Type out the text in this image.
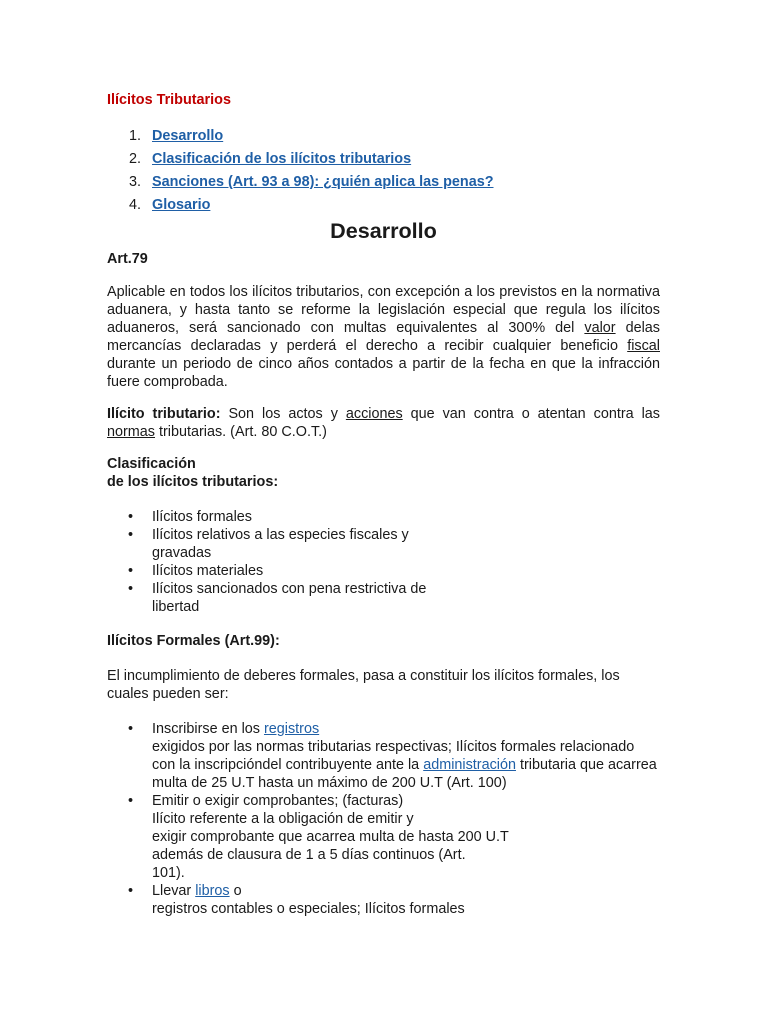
Ilícitos Tributarios
1. Desarrollo
2. Clasificación de los ilícitos tributarios
3. Sanciones (Art. 93 a 98): ¿quién aplica las penas?
4. Glosario
Desarrollo
Art.79

Aplicable en todos los ilícitos tributarios, con excepción a los previstos en la normativa aduanera, y hasta tanto se reforme la legislación especial que regula los ilícitos aduaneros, será sancionado con multas equivalentes al 300% del valor delas mercancías declaradas y perderá el derecho a recibir cualquier beneficio fiscal durante un periodo de cinco años contados a partir de la fecha en que la infracción fuere comprobada.

Ilícito tributario: Son los actos y acciones que van contra o atentan contra las normas tributarias. (Art. 80 C.O.T.)

Clasificación
de los ilícitos tributarios:
• Ilícitos formales
• Ilícitos relativos a las especies fiscales y gravadas
• Ilícitos materiales
• Ilícitos sancionados con pena restrictiva de libertad
Ilícitos Formales (Art.99):

El incumplimiento de deberes formales, pasa a constituir los ilícitos formales, los cuales pueden ser:

• Inscribirse en los registros
exigidos por las normas tributarias respectivas; Ilícitos formales relacionado con la inscripcióndel contribuyente ante la administración tributaria que acarrea multa de 25 U.T hasta un máximo de 200 U.T (Art. 100)
• Emitir o exigir comprobantes; (facturas)
Ilícito referente a la obligación de emitir y
exigir comprobante que acarrea multa de hasta 200 U.T
además de clausura de 1 a 5 días continuos (Art.
101).
• Llevar libros o
registros contables o especiales; Ilícitos formales
